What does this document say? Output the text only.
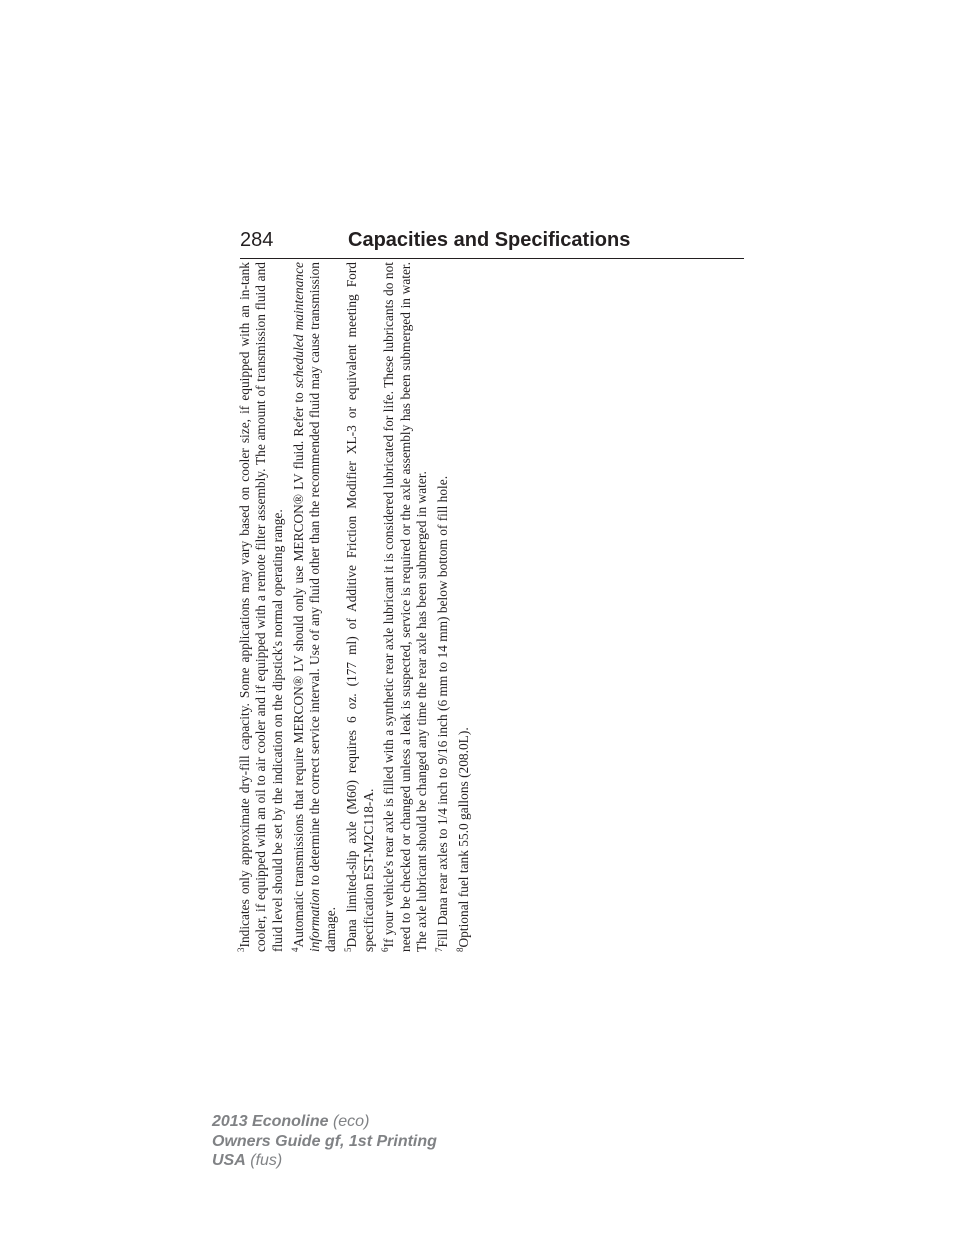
284	Capacities and Specifications

$^3$Indicates only approximate dry-fill capacity. Some applications may vary based on cooler size, if equipped with an in-tank cooler, if equipped with an oil to air cooler and if equipped with a remote filter assembly. The amount of transmission fluid and fluid level should be set by the indication on the dipstick's normal operating range. $^4$Automatic transmissions that require MERCON® LV should only use MERCON® LV fluid. Refer to scheduled maintenance information to determine the correct service interval. Use of any fluid other than the recommended fluid may cause transmission damage. $^5$Dana limited-slip axle (M60) requires 6 oz. (177 ml) of Additive Friction Modifier XL-3 or equivalent meeting Ford specification EST-M2C118-A. $^6$If your vehicle's rear axle is filled with a synthetic rear axle lubricant it is considered lubricated for life. These lubricants do not need to be checked or changed unless a leak is suspected, service is required or the axle assembly has been submerged in water. The axle lubricant should be changed any time the rear axle has been submerged in water. $^7$Fill Dana rear axles to 1/4 inch to 9/16 inch (6 mm to 14 mm) below bottom of fill hole.

$^8$Optional fuel tank 55.0 gallons (208.0L).

2013 Econoline (eco)
Owners Guide gf, 1st Printing
USA (fus)
